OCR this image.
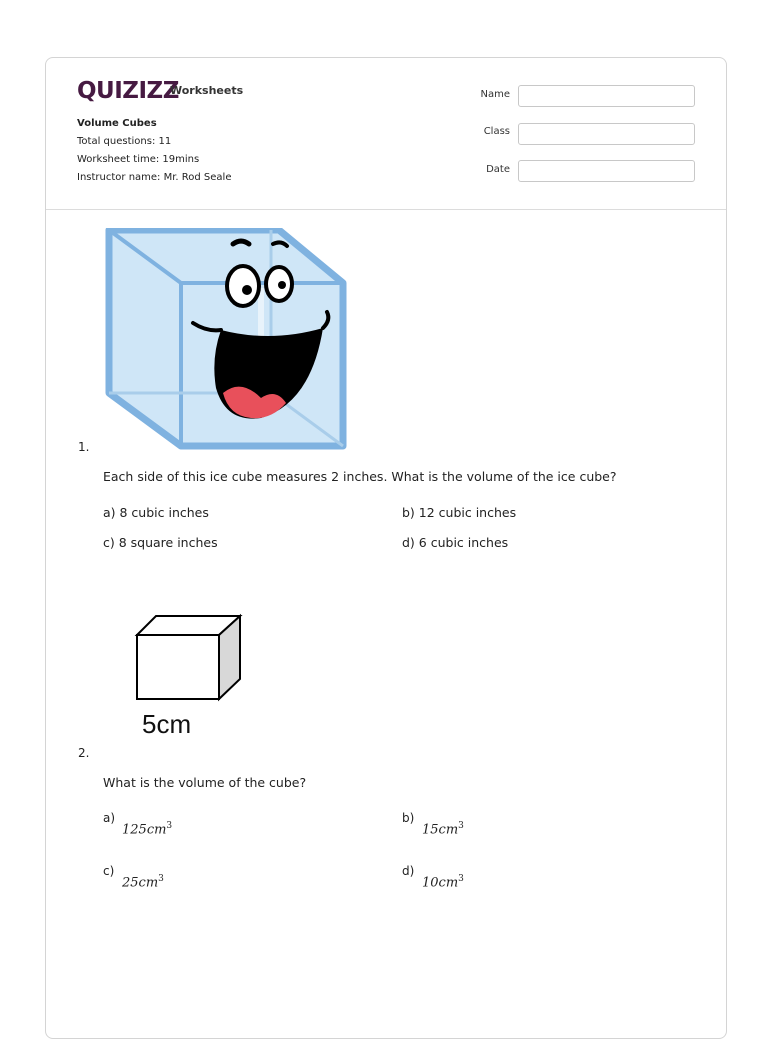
QUIZIZZ
Worksheets
Volume Cubes
Total questions: 11
Worksheet time: 19mins
Instructor name: Mr. Rod Seale
Name
Class
Date
1.
Each side of this ice cube measures 2 inches. What is the volume of the ice cube?
a) 8 cubic inches	b) 12 cubic inches
c) 8 square inches	d) 6 cubic inches
5cm
2.
What is the volume of the cube?
a)
$125cm^3$
b)
$15cm^3$
c)
$25cm^3$
d)
$10cm^3$
